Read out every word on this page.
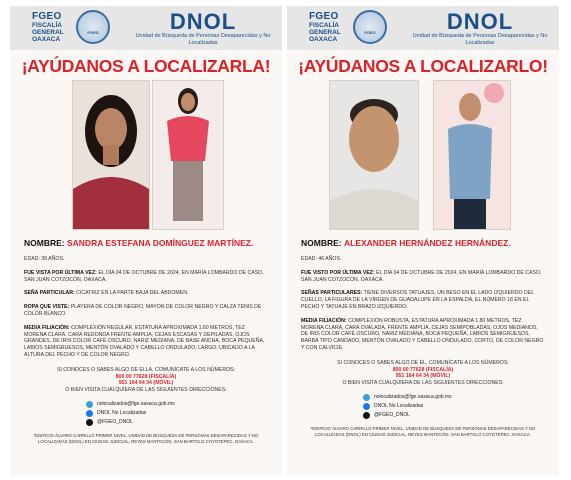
FGEO
FISCALÍA
GENERAL
OAXACA
FGEO	DNOL
Unidad de Búsqueda de Personas Desaparecidas y No Localizadas
¡AYÚDANOS A LOCALIZARLA!
NOMBRE: SANDRA ESTEFANA DOMÍNGUEZ MARTÍNEZ.
EDAD: 38 AÑOS.
FUE VISTA POR ÚLTIMA VEZ: EL DÍA 04 DE OCTUBRE DE 2024, EN MARÍA LOMBARDO DE CASO, SAN JUAN COTZOCÓN, OAXACA.
SEÑA PARTICULAR: CICATRIZ EN LA PARTE BAJA DEL ABDOMEN.
ROPA QUE VISTE: PLAYERA DE COLOR NEGRO, MAYON DE COLOR NEGRO Y CALZA TENIS DE COLOR BLANCO.
MEDIA FILIACIÓN: COMPLEXIÓN REGULAR, ESTATURA APROXIMADA 1.60 METROS, TEZ MORENA CLARA, CARA REDONDA FRENTE AMPLIA, CEJAS ESCASAS Y DEPILADAS, OJOS GRANDES, DE IRIS COLOR CAFÉ OSCURO, NARIZ MEDIANA, DE BASE ANCHA, BOCA PEQUEÑA, LABIOS SEMIGRUESOS, MENTÓN OVALADO Y CABELLO ONDULADO, LARGO, UBICADO A LA ALTURA DEL PECHO Y DE COLOR NEGRO.
SI CONOCES O SABES ALGO DE ELLA, COMUNÍCATE A LOS NÚMEROS:
800 00 77628 (FISCALÍA)
951 164 64 34 (MÓVIL)
O BIEN VISITA CUALQUIERA DE LAS SIGUIENTES DIRECCIONES:
nolocalizados@fge.oaxaca.gob.mx
DNOL No Localizadas
@FGEO_DNOL
*EDIFICIO ÁLVARO CARRILLO PRIMER NIVEL, UNIDAD DE BÚSQUEDA DE PERSONAS DESAPARECIDAS Y NO LOCALIZADAS (DNOL) EN CIUDAD JUDICIAL, REYES MANTECÓN, SAN BARTOLO COYOTEPEC, OAXACA.
FGEO
FISCALÍA
GENERAL
OAXACA
FGEO	DNOL
Unidad de Búsqueda de Personas Desaparecidas y No Localizadas
¡AYÚDANOS A LOCALIZARLO!
NOMBRE: ALEXANDER HERNÁNDEZ HERNÁNDEZ.
EDAD: 46 AÑOS.
FUE VISTO POR ÚLTIMA VEZ: EL DÍA 04 DE OCTUBRE DE 2024, EN MARÍA LOMBARDO DE CASO, SAN JUAN COTZOCÓN, OAXACA.
SEÑAS PARTICULARES: TIENE DIVERSOS TATUAJES, UN BESO EN EL LADO IZQUIERDO DEL CUELLO, LA FIGURA DE LA VIRGEN DE GUADALUPE EN LA ESPALDA, EL NÚMERO 18 EN EL PECHO Y TATUAJE EN BRAZO IZQUIERDO.
MEDIA FILIACIÓN: COMPLEXIÓN ROBUSTA, ESTATURA APROXIMADA 1.80 METROS, TEZ MORENA CLARA, CARA OVALADA, FRENTE AMPLIA, CEJAS SEMIPOBLADAS, OJOS MEDIANOS, DE IRIS COLOR CAFÉ OSCURO, NARIZ MEDIANA, BOCA PEQUEÑA, LABIOS SEMIGRUESOS, BARBA TIPO CANDADO, MENTÓN OVALADO Y CABELLO ONDULADO, CORTO, DE COLOR NEGRO Y CON CALVICIE.
SI CONOCES O SABES ALGO DE ÉL, COMUNÍCATE A LOS NÚMEROS:
800 00 77628 (FISCALÍA)
951 164 64 34 (MÓVIL)
O BIEN VISITA CUALQUIERA DE LAS SIGUIENTES DIRECCIONES:
nolocalizados@fge.oaxaca.gob.mx
DNOL No Localizadas
@FGEO_DNOL
*EDIFICIO ÁLVARO CARRILLO PRIMER NIVEL, UNIDAD DE BÚSQUEDA DE PERSONAS DESAPARECIDAS Y NO LOCALIZADAS (DNOL) EN CIUDAD JUDICIAL, REYES MANTECÓN, SAN BARTOLO COYOTEPEC, OAXACA.
